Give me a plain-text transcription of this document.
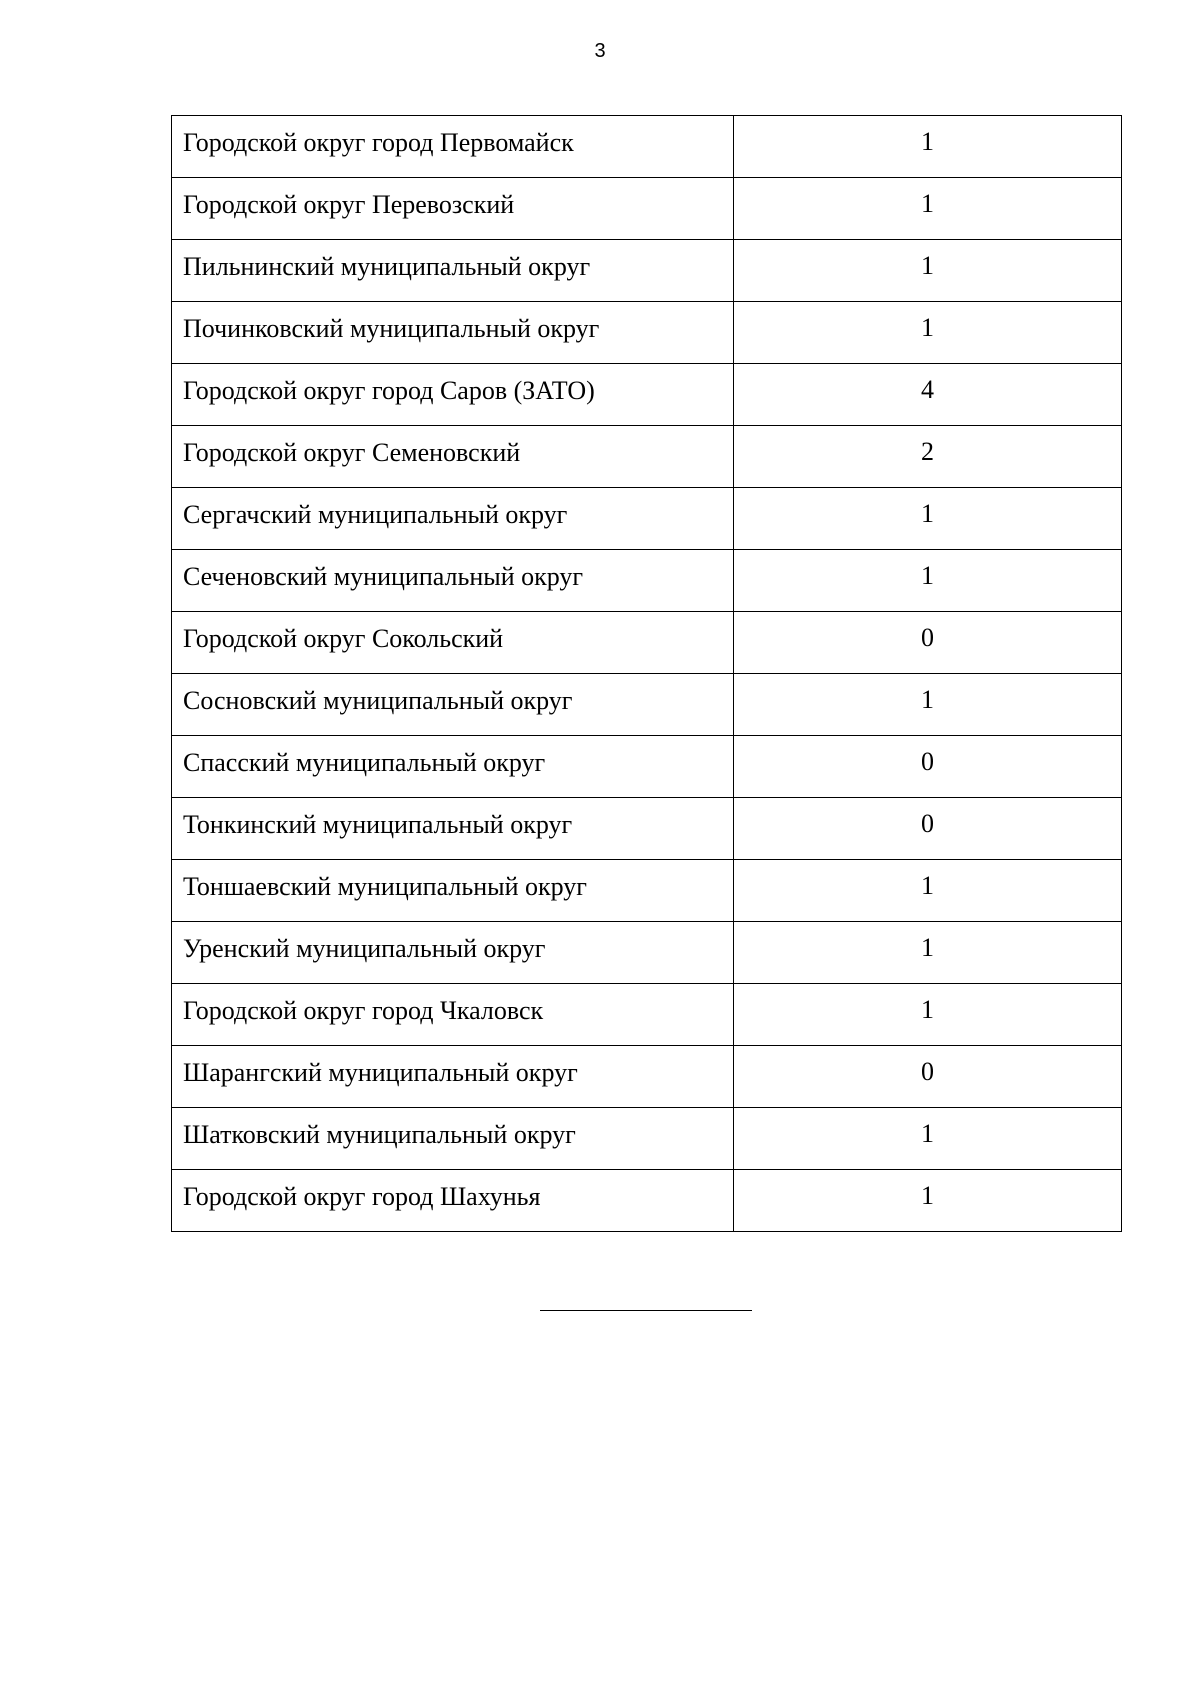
3
Городской округ город Первомайск	1
Городской округ Перевозский	1
Пильнинский муниципальный округ	1
Починковский муниципальный округ	1
Городской округ город Саров (ЗАТО)	4
Городской округ Семеновский	2
Сергачский муниципальный округ	1
Сеченовский муниципальный округ	1
Городской округ Сокольский	0
Сосновский муниципальный округ	1
Спасский муниципальный округ	0
Тонкинский муниципальный округ	0
Тоншаевский муниципальный округ	1
Уренский муниципальный округ	1
Городской округ город Чкаловск	1
Шарангский муниципальный округ	0
Шатковский муниципальный округ	1
Городской округ город Шахунья	1
